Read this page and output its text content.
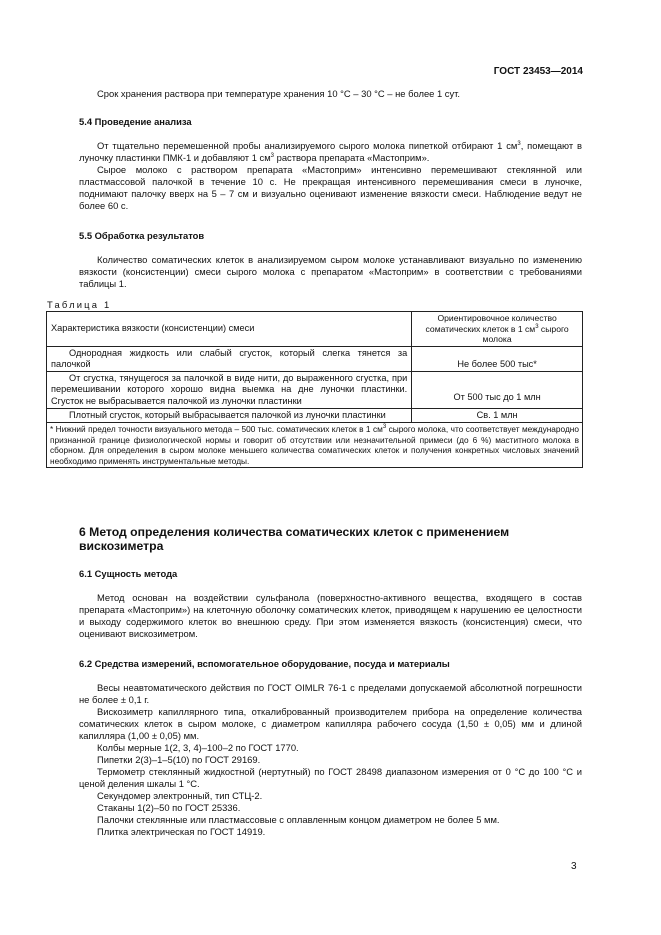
ГОСТ 23453—2014

Срок хранения раствора при температуре хранения 10 °С – 30 °С – не более 1 сут.

5.4 Проведение анализа

От тщательно перемешенной пробы анализируемого сырого молока пипеткой отбирают 1 $см^3$, помещают в луночку пластинки ПМК-1 и добавляют 1 $см^3$ раствора препарата «Мастоприм».

Сырое молоко с раствором препарата «Мастоприм» интенсивно перемешивают стеклянной или пластмассовой палочкой в течение 10 с. Не прекращая интенсивного перемешивания смеси в луночке, поднимают палочку вверх на 5 – 7 см и визуально оценивают изменение вязкости смеси. Наблюдение ведут не более 60 с.

5.5 Обработка результатов

Количество соматических клеток в анализируемом сыром молоке устанавливают визуально по изменению вязкости (консистенции) смеси сырого молока с препаратом «Мастоприм» в соответствии с требованиями таблицы 1.

Таблица 1
Характеристика вязкости (консистенции) смеси	Ориентировочное количество соматических клеток в 1 $см^3$ сырого молока
Однородная жидкость или слабый сгусток, который слегка тянется за палочкой	Не более 500 тыс*
От сгустка, тянущегося за палочкой в виде нити, до выраженного сгустка, при перемешивании которого хорошо видна выемка на дне луночки пластинки. Сгусток не выбрасывается палочкой из луночки пластинки	От 500 тыс до 1 млн
Плотный сгусток, который выбрасывается палочкой из луночки пластинки	Св. 1 млн
* Нижний предел точности визуального метода – 500 тыс. соматических клеток в 1 $см^3$ сырого молока, что соответствует международно признанной границе физиологической нормы и говорит об отсутствии или незначительной примеси (до 6 %) маститного молока в сборном. Для определения в сыром молоке меньшего количества соматических клеток и получения конкретных числовых значений необходимо применять инструментальные методы.	
6 Метод определения количества соматических клеток с применением вискозиметра

6.1 Сущность метода

Метод основан на воздействии сульфанола (поверхностно-активного вещества, входящего в состав препарата «Мастоприм») на клеточную оболочку соматических клеток, приводящем к нарушению ее целостности и выходу содержимого клеток во внешнюю среду. При этом изменяется вязкость (консистенция) смеси, что оценивают вискозиметром.

6.2 Средства измерений, вспомогательное оборудование, посуда и материалы

Весы неавтоматического действия по ГОСТ OIMLR 76-1 с пределами допускаемой абсолютной погрешности не более ± 0,1 г.

Вискозиметр капиллярного типа, откалиброванный производителем прибора на определение количества соматических клеток в сыром молоке, с диаметром капилляра рабочего сосуда (1,50 ± 0,05) мм и длиной капилляра (1,00 ± 0,05) мм.

Колбы мерные 1(2, 3, 4)–100–2 по ГОСТ 1770.

Пипетки 2(3)–1–5(10) по ГОСТ 29169.

Термометр стеклянный жидкостной (нертутный) по ГОСТ 28498 диапазоном измерения от 0 °С до 100 °С и ценой деления шкалы 1 °С.

Секундомер электронный, тип СТЦ-2.

Стаканы 1(2)–50 по ГОСТ 25336.

Палочки стеклянные или пластмассовые с оплавленным концом диаметром не более 5 мм.

Плитка электрическая по ГОСТ 14919.

3
